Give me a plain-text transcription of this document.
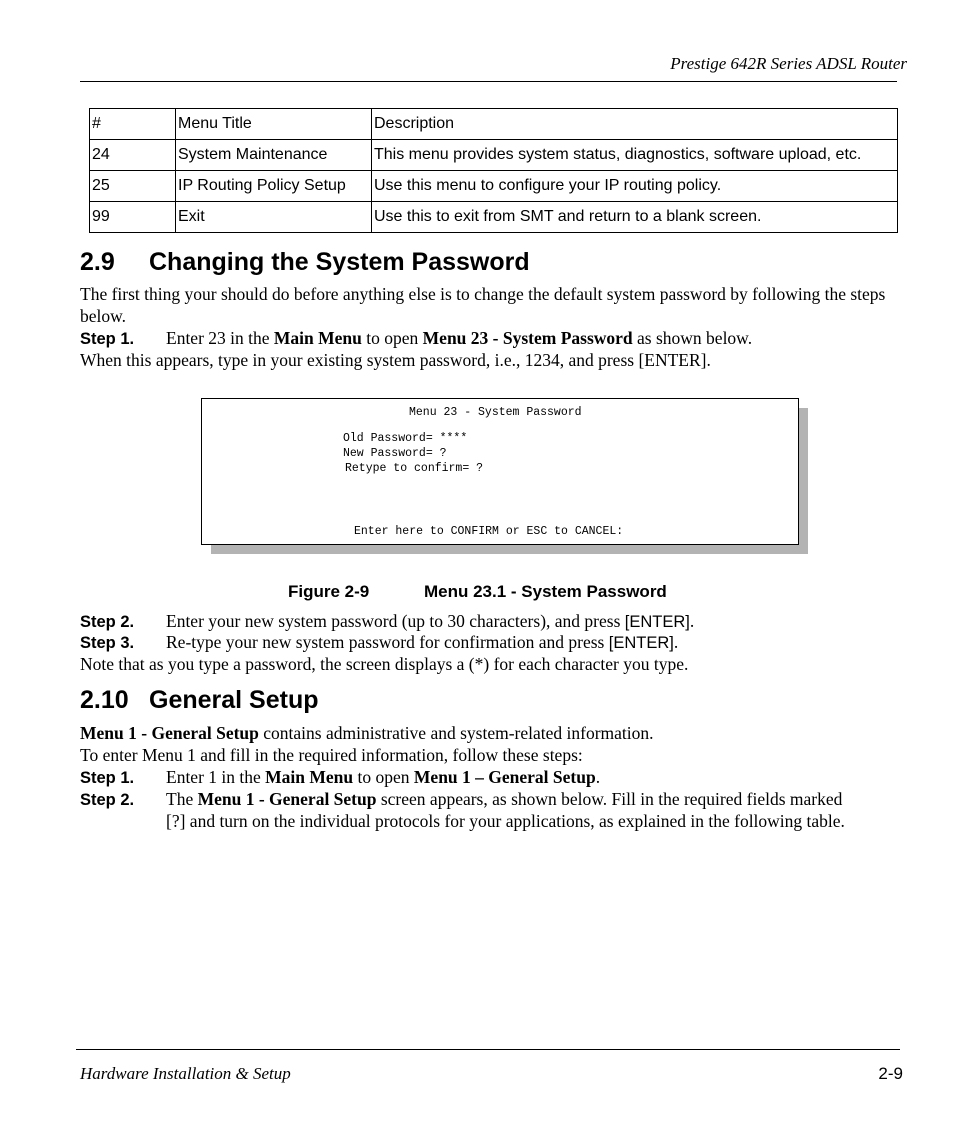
Prestige 642R Series ADSL Router
#	Menu Title	Description
24	System Maintenance	This menu provides system status, diagnostics, software upload, etc.
25	IP Routing Policy Setup	Use this menu to configure your IP routing policy.
99	Exit	Use this to exit from SMT and return to a blank screen.
2.9 Changing the System Password

The first thing your should do before anything else is to change the default system password by following the steps below.

Step 1. Enter 23 in the Main Menu to open Menu 23 - System Password as shown below.

When this appears, type in your existing system password, i.e., 1234, and press [ENTER].

Menu 23 - System Password
Old Password= ****
New Password= ?
Retype to confirm= ?
Enter here to CONFIRM or ESC to CANCEL:
Figure 2-9	Menu 23.1 - System Password

Step 2. Enter your new system password (up to 30 characters), and press [ENTER].

Step 3. Re-type your new system password for confirmation and press [ENTER].

Note that as you type a password, the screen displays a (*) for each character you type.

2.10 General Setup

Menu 1 - General Setup contains administrative and system-related information.

To enter Menu 1 and fill in the required information, follow these steps:

Step 1. Enter 1 in the Main Menu to open Menu 1 – General Setup.

Step 2. The Menu 1 - General Setup screen appears, as shown below. Fill in the required fields marked

[?] and turn on the individual protocols for your applications, as explained in the following table.

Hardware Installation & Setup	2-9
